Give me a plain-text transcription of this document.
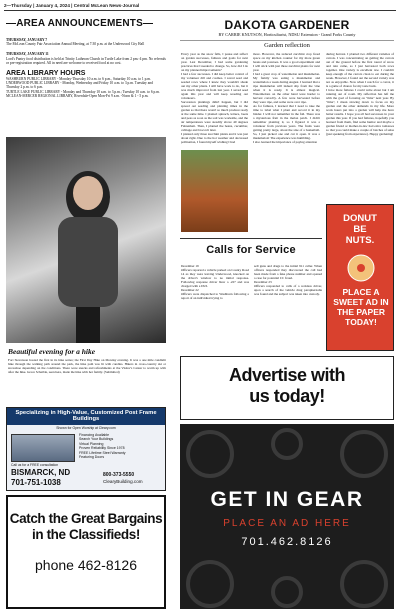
2—Thursday | January 4, 2024 | Central McLean News-Journal
—AREA ANNOUNCEMENTS—
THURSDAY, JANUARY 7
The McLean County Fair Association Annual Meeting, at 7:30 p.m. at the Underwood City Hall
THURSDAY, JANUARY 11
Lord's Pantry food distribution is held at Trinity Lutheran Church in Turtle Lake from 2 pm.-4 pm. No referrals or pre-registration required. All in need are welcome to received food at no cost.
AREA LIBRARY HOURS
WASHBURN PUBLIC LIBRARY - Monday-Thursday 10 a.m. to 6 p.m., Saturday 10 a.m. to 1 p.m.
UNDERWOOD PUBLIC LIBRARY - Monday, Wednesday and Friday 10 a.m. to 3 p.m. Tuesday and Thursday 2 p.m. to 6 p.m.
TURTLE LAKE PUBLIC LIBRARY - Monday and Thursday 10 a.m. to 3 p.m.; Tuesday 10 a.m. to 6 p.m.
MCLEAN-MERCER REGIONAL LIBRARY, Riverdale-Open Mon-Fri 9 a.m. -Noon & 1 - 5 p.m.
Beautiful evening for a hike
Fort Stevenson hosted the first in its hike series; the First Day Hike on Monday evening. It was a one mile candlelit hike through the walking path around the park, the hike path was lit with candles. Hikers in cross-country ski or snowshoe depending on the conditions. There were snacks and refreshments at the Visitor's Center to warm up with after the hike. Grace Schaible, seen here, made the hike with her family. (Submitted)
Specializing in High-Value, Customized Post Frame Buildings
Shown for Open Worship at Cleary.com
Financing Available
Search Your Buildings
Virtual Planning
Proven Reliability Since 1978
FREE Lifetime Steel Warranty
Featuring Doors
Call us for a FREE consultation
BISMARCK, ND
701-751-1038
800-373-5550
ClearyBuilding.com
Catch the Great Bargains
in the Classifieds!
phone 462-8126
DAKOTA GARDENER
BY CARRIE KNUTSON, Horticulturist, NDSU Extension - Grand Forks County
Garden reflection
Every year as the snow falls, I pause and reflect on garden successes, failures and goals for next year. Last December, I had some gardening practices that I needed to change. So, how did I do on my planned improvements?
I had a few successes. I did keep better control of my volunteer dill and cosmos. I saved seed and seeded rows where I knew they wouldn't shade out my other plants. I still have work to do, but it was much improved from last year. I saved seed again this year and will keep weeding out volunteers.
Succession plantings didn't happen, but I did spread out seeding and planting times in the garden so that there wasn't so much produce ready at the same time. I planted spinach, lettuce, beets and peas as soon as the soil was workable, and the air temperatures were steadily above 40 degrees Fahrenheit. Then, I planted the beans, cucumber, cabbage and broccoli later.
I planted only three zucchini plants and it was just about right. Due to the hot weather and decreased pollination, I found myself wishing I had
more. However, the reduced zucchini crop freed space on my kitchen counter for my more green beans and potatoes. It was a good experiment and I will stick with just three zucchini plants for next year.
I had a great crop of watermelon and muskmelon. My family was eating a muskmelon and watermelon a week during August. I learned that a ripe muskmelon will indeed slip from the vine when it is ready. It is almost magical. Watermelons on the other hand were harder to harvest correctly. A few were harvested before they were ripe, and some were over ripe.
As for failures, I learned that I need to take the time to label what I plant and record it in my binder. I will not remember in the fall. There was a mysterious fruit in the melon patch. I didn't remember planting it, so I figured it was a volunteer from previous years. The fruits were getting pretty large, about the size of a basketball. So, I just picked one and cut it open. It was a muskmelon! The experience was humbling.
I also learned the importance of paying attention
during harvest. I planted two different varieties of carrots. I was concentrating on getting the carrots out of the ground before the first round of snow and rain came, so I just harvested both rows together. One variety is excellent raw. I couldn't keep enough of the carrots clean to eat during the week. However, I found out the second variety was not as enjoyable. Now when I reach for a carrot, it is a game of chance for my taste buds.
I have more failures I could write about but I am running out of room. My reflection has left me with the goal of focusing on "time" next year. By "time", I mean slowing down to focus on my garden and the other demands in my life. More work hours put into a garden will help me have better results. I hope you all had successes in your garden this year. If you had failures, hopefully you learned from them, find some humor and maybe a garden friend or mother-in-law had extra tomatoes so that you could make a couple of batches of salsa (just speaking from experience). Happy gardening!
DONUT
BE
NUTS.
PLACE A SWEET AD IN THE PAPER TODAY!
Calls for Service
December 19
Officers reported a vehicle parked on County Road 14 as they were leaving Underwood, knocked on the driver's window to no initial response. Following response driver blew a .227 and was charged with a DUI.
December 22
Officers were dispatched to Washburn following a report of an individual trying to
sell guns and drugs to the initial 911 caller. When officers responded they discovered the call had been made from a fake phone number and opened a case for potential CC fraud.
December 23
Officers responded to calls of a reckless driver, upon a search of the vehicle drug paraphernalia was found and the subject was taken into custody.
Advertise with
us today!
GET IN GEAR
PLACE AN AD HERE
701.462.8126
